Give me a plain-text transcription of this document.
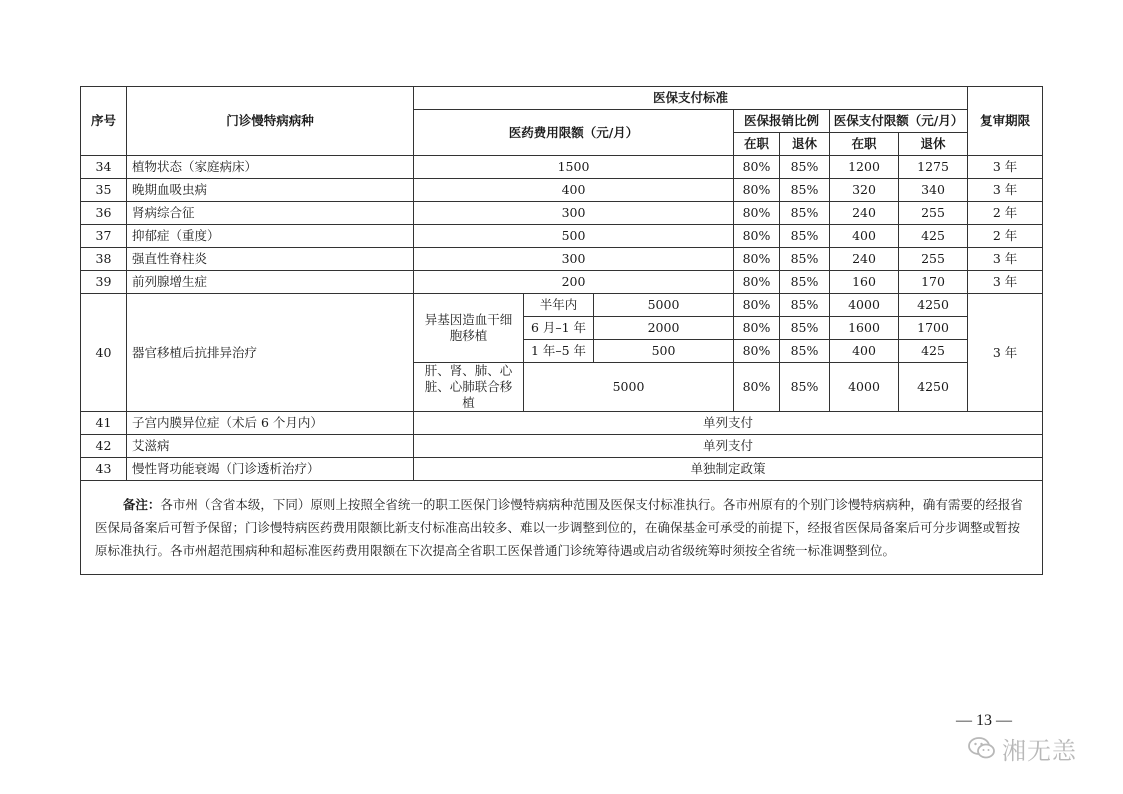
序号	门诊慢特病病种	医保支付标准							复审期限
		医药费用限额（元/月）			医保报销比例		医保支付限额（元/月）		
					在职	退休	在职	退休	
34	植物状态（家庭病床）	1500			80%	85%	1200	1275	3 年
35	晚期血吸虫病	400			80%	85%	320	340	3 年
36	肾病综合征	300			80%	85%	240	255	2 年
37	抑郁症（重度）	500			80%	85%	400	425	2 年
38	强直性脊柱炎	300			80%	85%	240	255	3 年
39	前列腺增生症	200			80%	85%	160	170	3 年
40	器官移植后抗排异治疗	异基因造血干细胞移植	半年内	5000	80%	85%	4000	4250	3 年
			6 月–1 年	2000	80%	85%	1600	1700	
			1 年–5 年	500	80%	85%	400	425	
		肝、肾、肺、心脏、心肺联合移植	5000		80%	85%	4000	4250	
41	子宫内膜异位症（术后 6 个月内）	单列支付							
42	艾滋病	单列支付							
43	慢性肾功能衰竭（门诊透析治疗）	单独制定政策							
备注：各市州（含省本级，下同）原则上按照全省统一的职工医保门诊慢特病病种范围及医保支付标准执行。各市州原有的个别门诊慢特病病种，确有需要的经报省医保局备案后可暂予保留；门诊慢特病医药费用限额比新支付标准高出较多、难以一步调整到位的，在确保基金可承受的前提下，经报省医保局备案后可分步调整或暂按原标准执行。各市州超范围病种和超标准医药费用限额在下次提高全省职工医保普通门诊统筹待遇或启动省级统筹时须按全省统一标准调整到位。									
— 13 —
湘无恙
